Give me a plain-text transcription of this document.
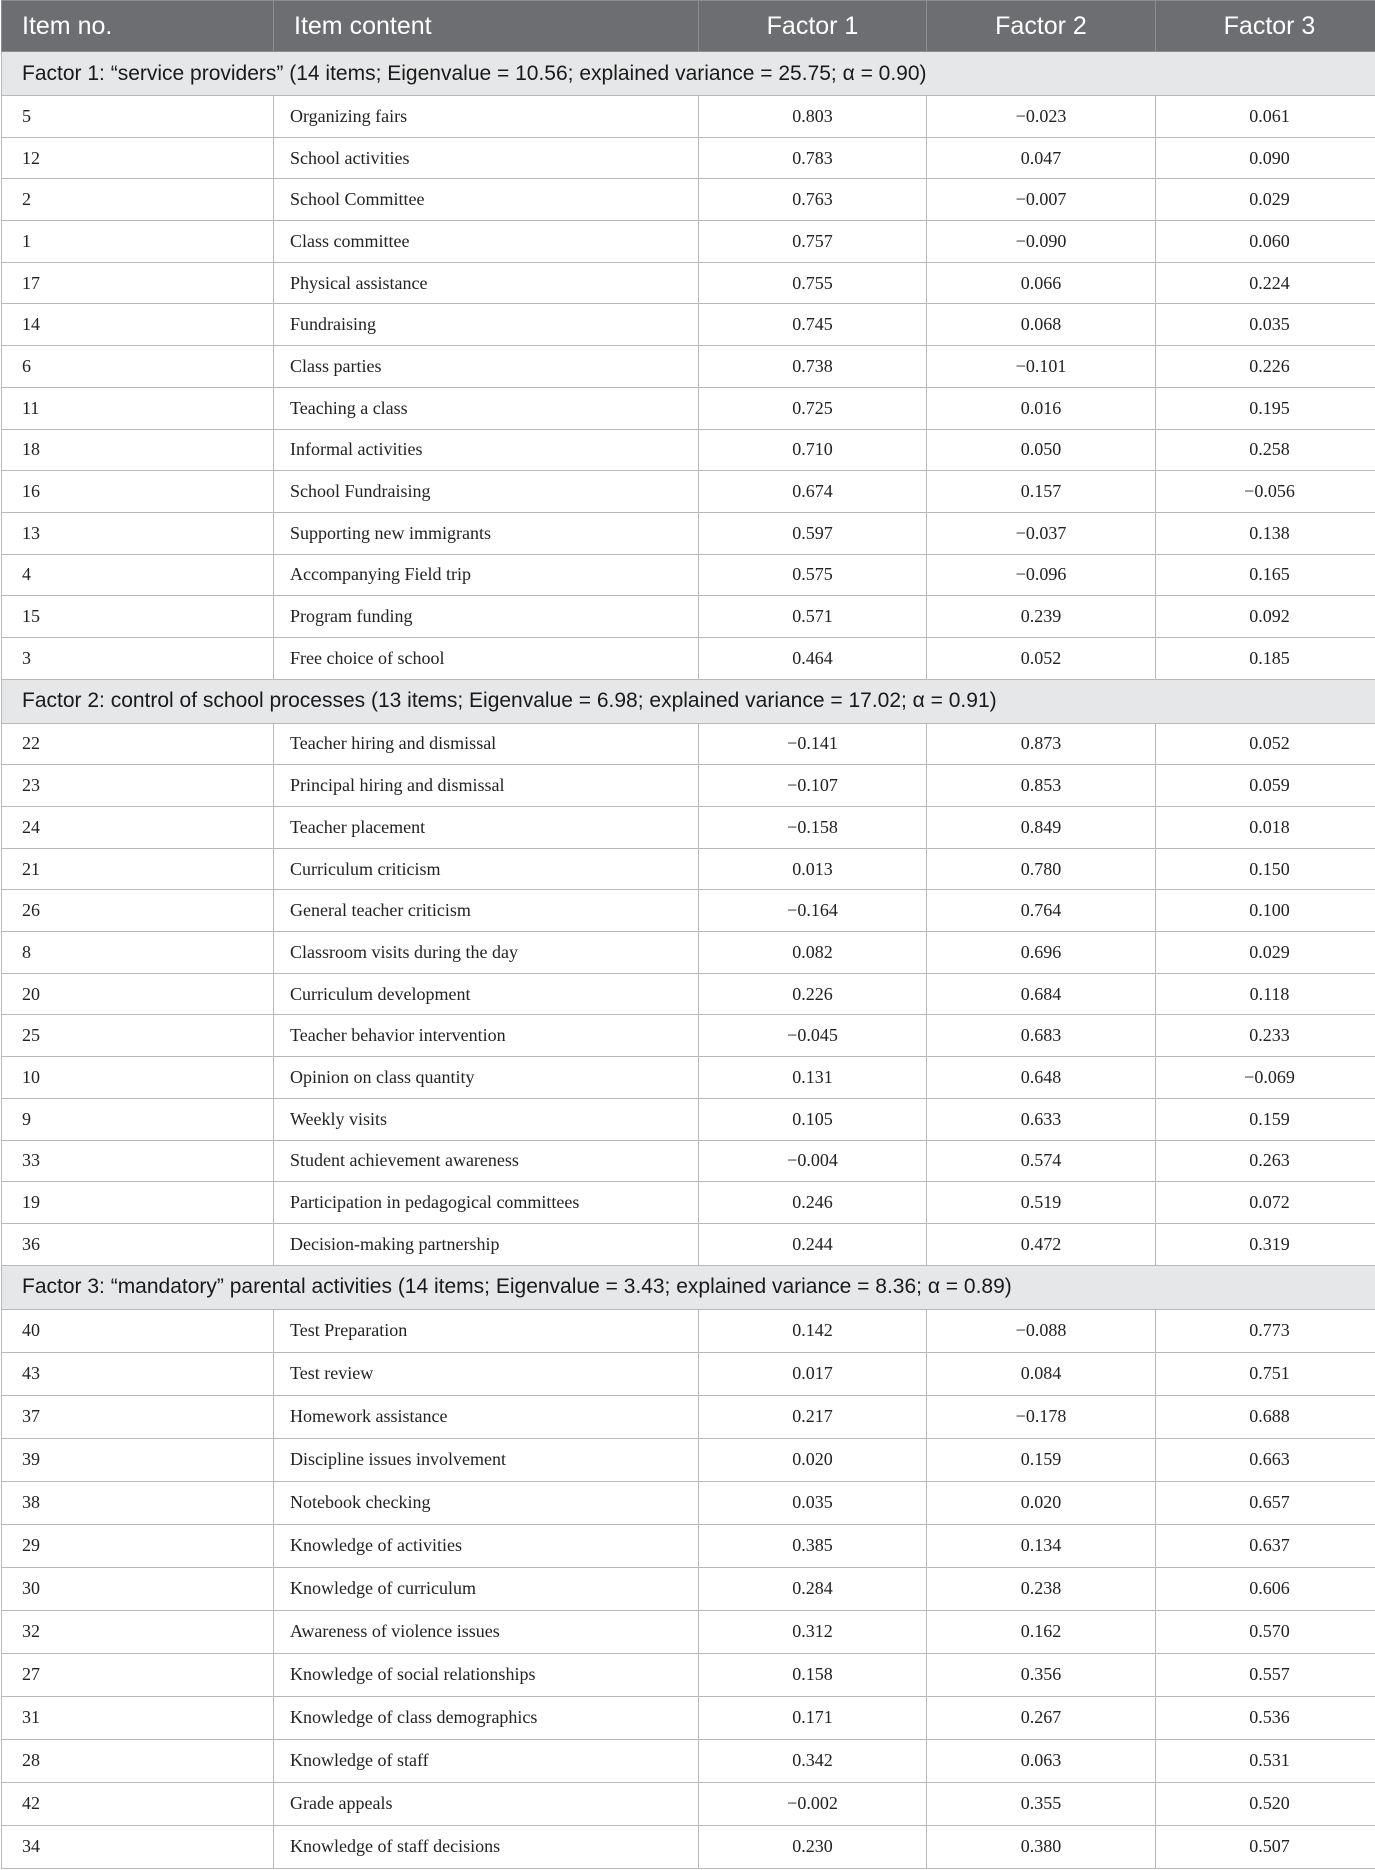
Item no.	Item content	Factor 1	Factor 2	Factor 3
Factor 1: “service providers” (14 items; Eigenvalue = 10.56; explained variance = 25.75; α = 0.90)				
5	Organizing fairs	0.803	−0.023	0.061
12	School activities	0.783	0.047	0.090
2	School Committee	0.763	−0.007	0.029
1	Class committee	0.757	−0.090	0.060
17	Physical assistance	0.755	0.066	0.224
14	Fundraising	0.745	0.068	0.035
6	Class parties	0.738	−0.101	0.226
11	Teaching a class	0.725	0.016	0.195
18	Informal activities	0.710	0.050	0.258
16	School Fundraising	0.674	0.157	−0.056
13	Supporting new immigrants	0.597	−0.037	0.138
4	Accompanying Field trip	0.575	−0.096	0.165
15	Program funding	0.571	0.239	0.092
3	Free choice of school	0.464	0.052	0.185
Factor 2: control of school processes (13 items; Eigenvalue = 6.98; explained variance = 17.02; α = 0.91)				
22	Teacher hiring and dismissal	−0.141	0.873	0.052
23	Principal hiring and dismissal	−0.107	0.853	0.059
24	Teacher placement	−0.158	0.849	0.018
21	Curriculum criticism	0.013	0.780	0.150
26	General teacher criticism	−0.164	0.764	0.100
8	Classroom visits during the day	0.082	0.696	0.029
20	Curriculum development	0.226	0.684	0.118
25	Teacher behavior intervention	−0.045	0.683	0.233
10	Opinion on class quantity	0.131	0.648	−0.069
9	Weekly visits	0.105	0.633	0.159
33	Student achievement awareness	−0.004	0.574	0.263
19	Participation in pedagogical committees	0.246	0.519	0.072
36	Decision-making partnership	0.244	0.472	0.319
Factor 3: “mandatory” parental activities (14 items; Eigenvalue = 3.43; explained variance = 8.36; α = 0.89)				
40	Test Preparation	0.142	−0.088	0.773
43	Test review	0.017	0.084	0.751
37	Homework assistance	0.217	−0.178	0.688
39	Discipline issues involvement	0.020	0.159	0.663
38	Notebook checking	0.035	0.020	0.657
29	Knowledge of activities	0.385	0.134	0.637
30	Knowledge of curriculum	0.284	0.238	0.606
32	Awareness of violence issues	0.312	0.162	0.570
27	Knowledge of social relationships	0.158	0.356	0.557
31	Knowledge of class demographics	0.171	0.267	0.536
28	Knowledge of staff	0.342	0.063	0.531
42	Grade appeals	−0.002	0.355	0.520
34	Knowledge of staff decisions	0.230	0.380	0.507
